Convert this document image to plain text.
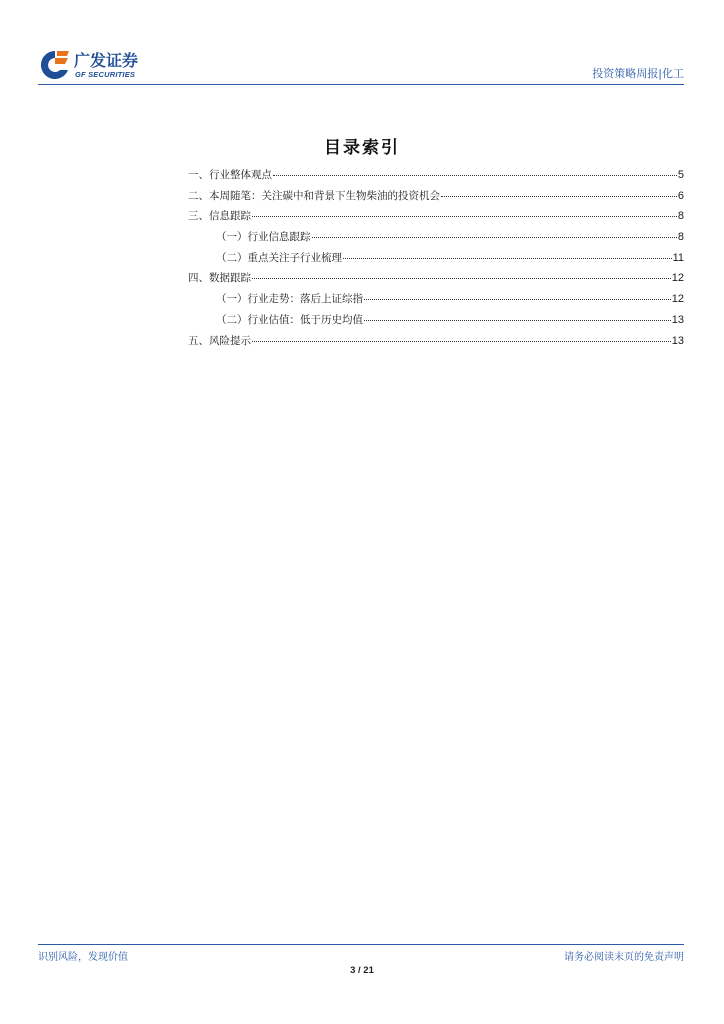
广发证券
GF SECURITIES	投资策略周报|化工
目录索引
一、行业整体观点	5
二、本周随笔：关注碳中和背景下生物柴油的投资机会	6
三、信息跟踪	8
（一）行业信息跟踪	8
（二）重点关注子行业梳理	11
四、数据跟踪	12
（一）行业走势：落后上证综指	12
（二）行业估值：低于历史均值	13
五、风险提示	13
识别风险，发现价值	请务必阅读末页的免责声明
3 / 21
